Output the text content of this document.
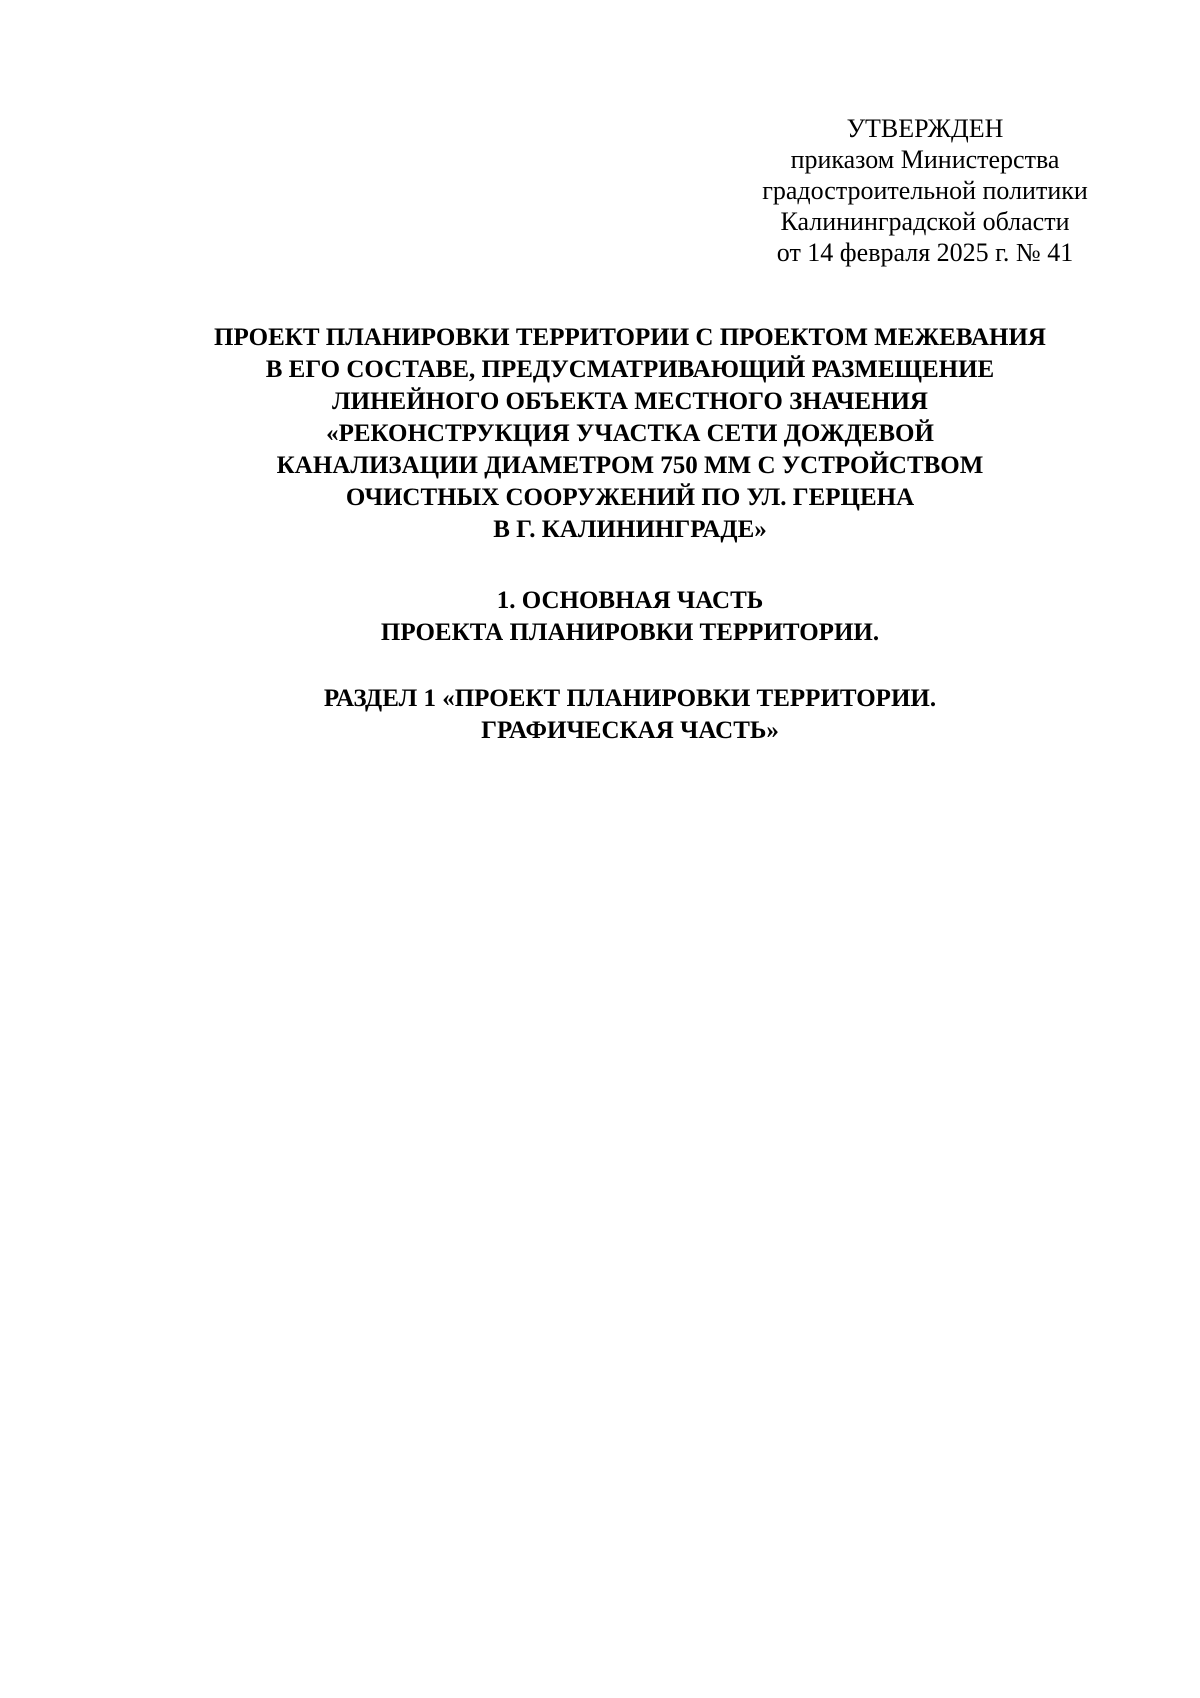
УТВЕРЖДЕН
приказом Министерства
градостроительной политики
Калининградской области
от 14 февраля 2025 г. № 41
ПРОЕКТ ПЛАНИРОВКИ ТЕРРИТОРИИ С ПРОЕКТОМ МЕЖЕВАНИЯ
В ЕГО СОСТАВЕ, ПРЕДУСМАТРИВАЮЩИЙ РАЗМЕЩЕНИЕ
ЛИНЕЙНОГО ОБЪЕКТА МЕСТНОГО ЗНАЧЕНИЯ
«РЕКОНСТРУКЦИЯ УЧАСТКА СЕТИ ДОЖДЕВОЙ
КАНАЛИЗАЦИИ ДИАМЕТРОМ 750 ММ С УСТРОЙСТВОМ
ОЧИСТНЫХ СООРУЖЕНИЙ ПО УЛ. ГЕРЦЕНА
В Г. КАЛИНИНГРАДЕ»
1. ОСНОВНАЯ ЧАСТЬ
ПРОЕКТА ПЛАНИРОВКИ ТЕРРИТОРИИ.
РАЗДЕЛ 1 «ПРОЕКТ ПЛАНИРОВКИ ТЕРРИТОРИИ.
ГРАФИЧЕСКАЯ ЧАСТЬ»
